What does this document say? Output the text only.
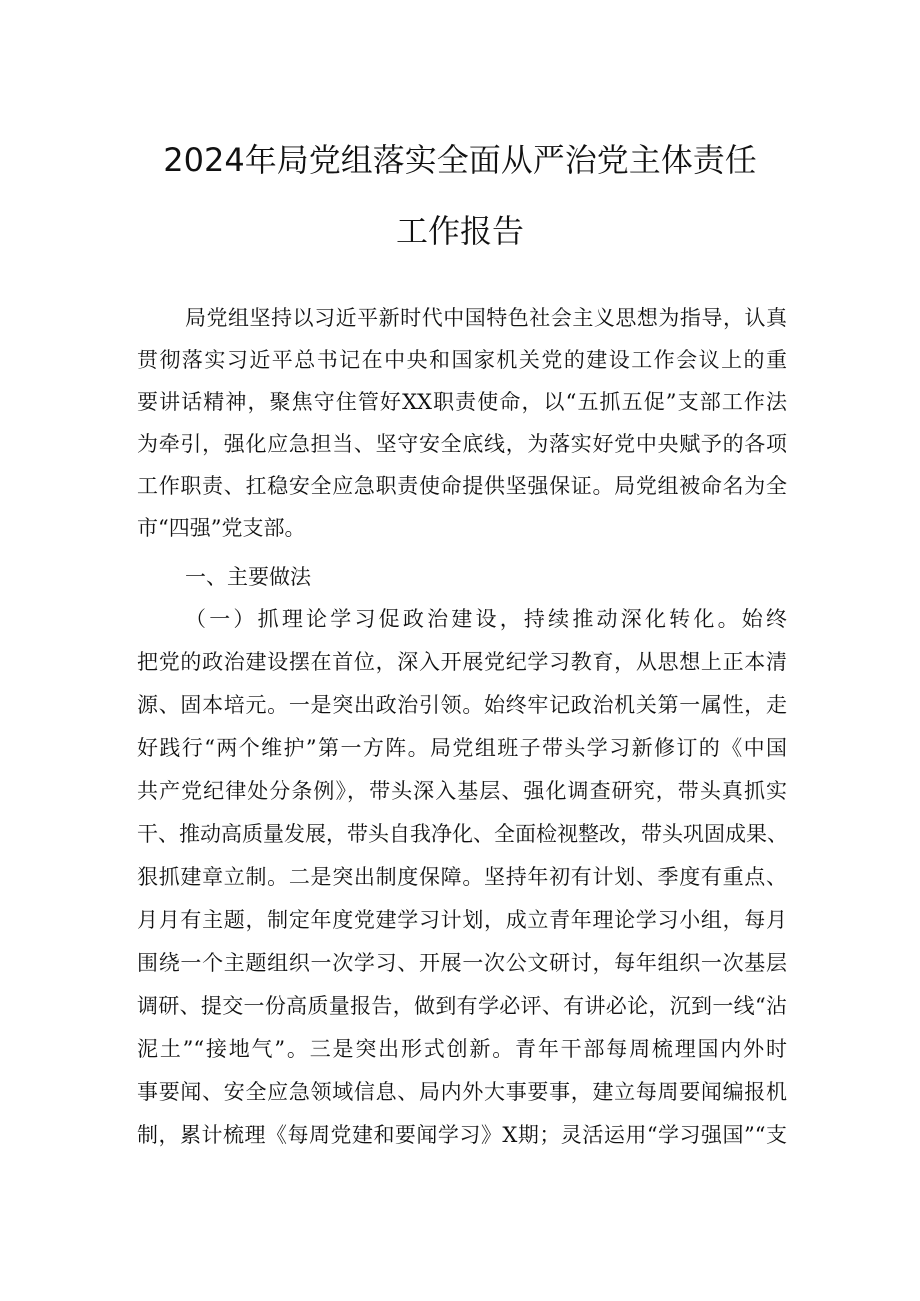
2024年局党组落实全面从严治党主体责任
工作报告
局党组坚持以习近平新时代中国特色社会主义思想为指导，认真
贯彻落实习近平总书记在中央和国家机关党的建设工作会议上的重
要讲话精神，聚焦守住管好XX职责使命，以“五抓五促”支部工作法
为牵引，强化应急担当、坚守安全底线，为落实好党中央赋予的各项
工作职责、扛稳安全应急职责使命提供坚强保证。局党组被命名为全
市“四强”党支部。
一、主要做法
（一）抓理论学习促政治建设，持续推动深化转化。始终
把党的政治建设摆在首位，深入开展党纪学习教育，从思想上正本清
源、固本培元。一是突出政治引领。始终牢记政治机关第一属性，走
好践行“两个维护”第一方阵。局党组班子带头学习新修订的《中国
共产党纪律处分条例》，带头深入基层、强化调查研究，带头真抓实
干、推动高质量发展，带头自我净化、全面检视整改，带头巩固成果、
狠抓建章立制。二是突出制度保障。坚持年初有计划、季度有重点、
月月有主题，制定年度党建学习计划，成立青年理论学习小组，每月
围绕一个主题组织一次学习、开展一次公文研讨，每年组织一次基层
调研、提交一份高质量报告，做到有学必评、有讲必论，沉到一线“沾
泥土”“接地气”。三是突出形式创新。青年干部每周梳理国内外时
事要闻、安全应急领域信息、局内外大事要事，建立每周要闻编报机
制，累计梳理《每周党建和要闻学习》X期；灵活运用“学习强国”“支
